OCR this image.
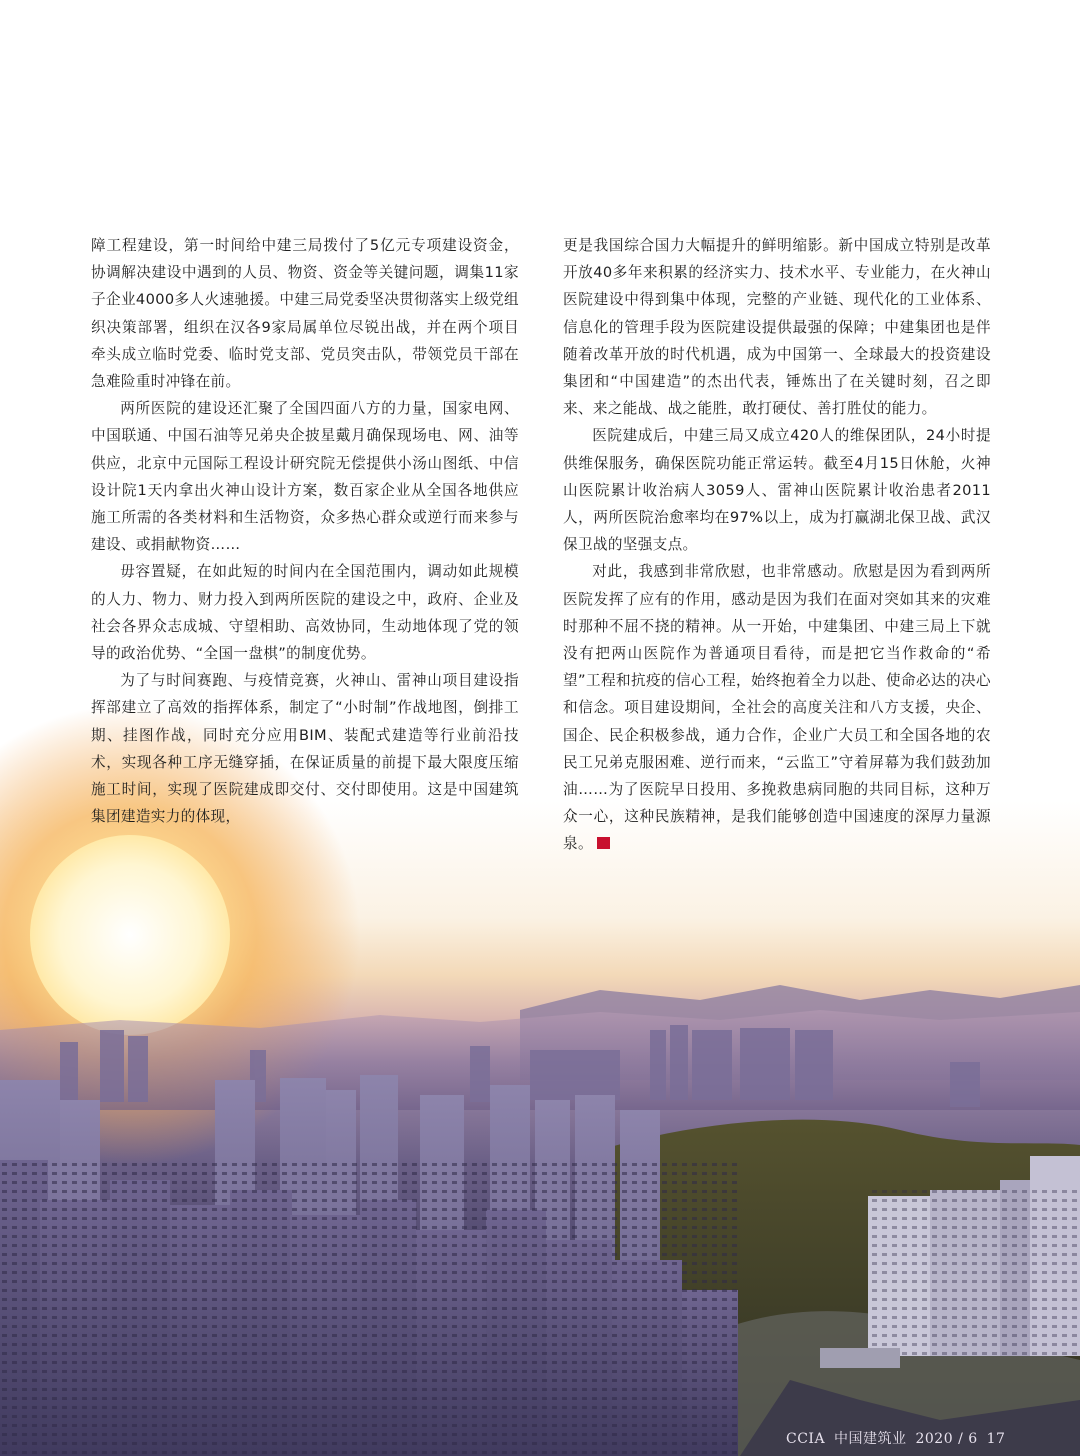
障工程建设，第一时间给中建三局拨付了5亿元专项建设资金，协调解决建设中遇到的人员、物资、资金等关键问题，调集11家子企业4000多人火速驰援。中建三局党委坚决贯彻落实上级党组织决策部署，组织在汉各9家局属单位尽锐出战，并在两个项目牵头成立临时党委、临时党支部、党员突击队，带领党员干部在急难险重时冲锋在前。

两所医院的建设还汇聚了全国四面八方的力量，国家电网、中国联通、中国石油等兄弟央企披星戴月确保现场电、网、油等供应，北京中元国际工程设计研究院无偿提供小汤山图纸、中信设计院1天内拿出火神山设计方案，数百家企业从全国各地供应施工所需的各类材料和生活物资，众多热心群众或逆行而来参与建设、或捐献物资……

毋容置疑，在如此短的时间内在全国范围内，调动如此规模的人力、物力、财力投入到两所医院的建设之中，政府、企业及社会各界众志成城、守望相助、高效协同，生动地体现了党的领导的政治优势、“全国一盘棋”的制度优势。

为了与时间赛跑、与疫情竞赛，火神山、雷神山项目建设指挥部建立了高效的指挥体系，制定了“小时制”作战地图，倒排工期、挂图作战，同时充分应用BIM、装配式建造等行业前沿技术，实现各种工序无缝穿插，在保证质量的前提下最大限度压缩施工时间，实现了医院建成即交付、交付即使用。这是中国建筑集团建造实力的体现，

更是我国综合国力大幅提升的鲜明缩影。新中国成立特别是改革开放40多年来积累的经济实力、技术水平、专业能力，在火神山医院建设中得到集中体现，完整的产业链、现代化的工业体系、信息化的管理手段为医院建设提供最强的保障；中建集团也是伴随着改革开放的时代机遇，成为中国第一、全球最大的投资建设集团和“中国建造”的杰出代表，锤炼出了在关键时刻，召之即来、来之能战、战之能胜，敢打硬仗、善打胜仗的能力。

医院建成后，中建三局又成立420人的维保团队，24小时提供维保服务，确保医院功能正常运转。截至4月15日休舱，火神山医院累计收治病人3059人、雷神山医院累计收治患者2011人，两所医院治愈率均在97%以上，成为打赢湖北保卫战、武汉保卫战的坚强支点。

对此，我感到非常欣慰，也非常感动。欣慰是因为看到两所医院发挥了应有的作用，感动是因为我们在面对突如其来的灾难时那种不屈不挠的精神。从一开始，中建集团、中建三局上下就没有把两山医院作为普通项目看待，而是把它当作救命的“希望”工程和抗疫的信心工程，始终抱着全力以赴、使命必达的决心和信念。项目建设期间，全社会的高度关注和八方支援，央企、国企、民企积极参战，通力合作，企业广大员工和全国各地的农民工兄弟克服困难、逆行而来，“云监工”守着屏幕为我们鼓劲加油……为了医院早日投用、多挽救患病同胞的共同目标，这种万众一心，这种民族精神，是我们能够创造中国速度的深厚力量源泉。

CCIA 中国建筑业 2020 / 6 17
